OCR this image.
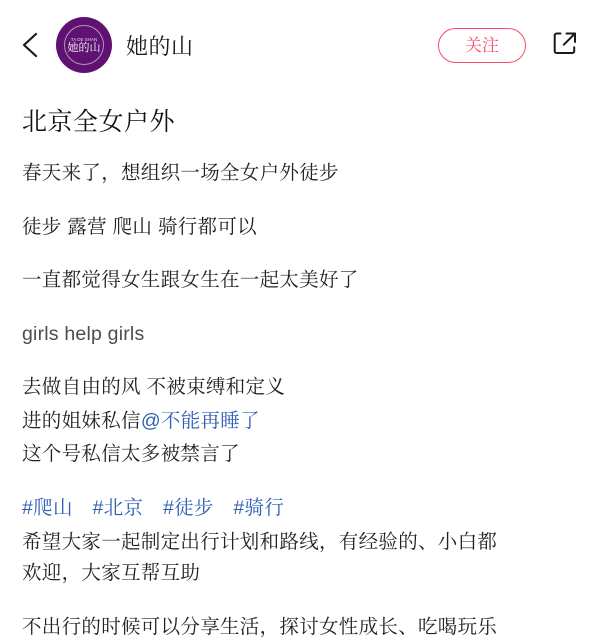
TA DE SHAN
她的山 她的山	关注
北京全女户外

春天来了，想组织一场全女户外徒步

徒步 露营 爬山 骑行都可以

一直都觉得女生跟女生在一起太美好了

girls help girls

去做自由的风 不被束缚和定义

进的姐妹私信@不能再睡了

这个号私信太多被禁言了

#爬山 #北京 #徒步 #骑行

希望大家一起制定出行计划和路线，有经验的、小白都

欢迎，大家互帮互助

不出行的时候可以分享生活，探讨女性成长、吃喝玩乐
